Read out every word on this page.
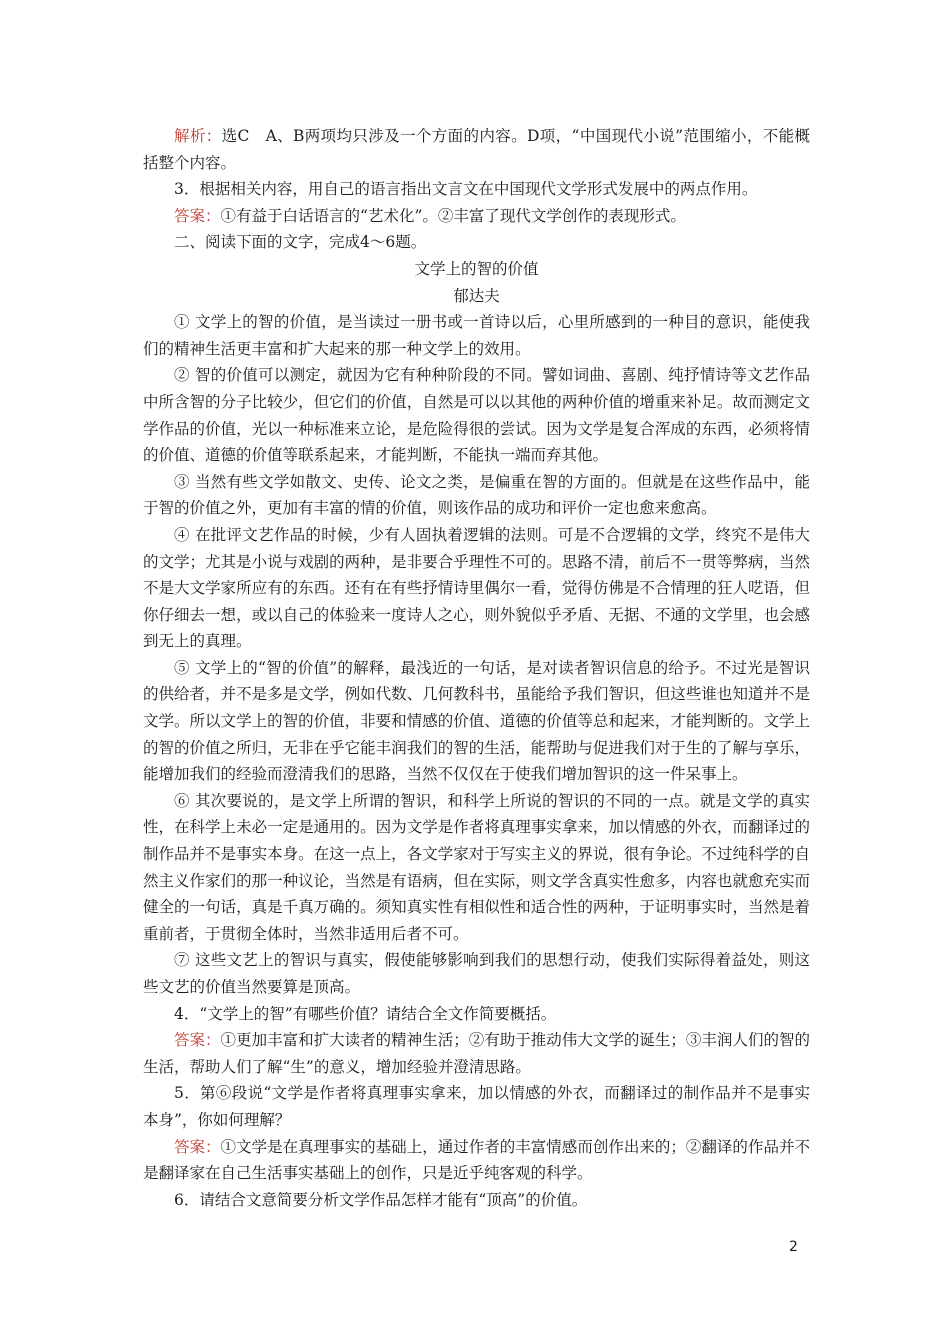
解析：选C　A、B两项均只涉及一个方面的内容。D项，“中国现代小说”范围缩小，不能概括整个内容。

3．根据相关内容，用自己的语言指出文言文在中国现代文学形式发展中的两点作用。

答案：①有益于白话语言的“艺术化”。②丰富了现代文学创作的表现形式。

二、阅读下面的文字，完成4～6题。

文学上的智的价值

郁达夫

① 文学上的智的价值，是当读过一册书或一首诗以后，心里所感到的一种目的意识，能使我们的精神生活更丰富和扩大起来的那一种文学上的效用。

② 智的价值可以测定，就因为它有种种阶段的不同。譬如词曲、喜剧、纯抒情诗等文艺作品中所含智的分子比较少，但它们的价值，自然是可以以其他的两种价值的增重来补足。故而测定文学作品的价值，光以一种标准来立论，是危险得很的尝试。因为文学是复合浑成的东西，必须将情的价值、道德的价值等联系起来，才能判断，不能执一端而弃其他。

③ 当然有些文学如散文、史传、论文之类，是偏重在智的方面的。但就是在这些作品中，能于智的价值之外，更加有丰富的情的价值，则该作品的成功和评价一定也愈来愈高。

④ 在批评文艺作品的时候，少有人固执着逻辑的法则。可是不合逻辑的文学，终究不是伟大的文学；尤其是小说与戏剧的两种，是非要合乎理性不可的。思路不清，前后不一贯等弊病，当然不是大文学家所应有的东西。还有在有些抒情诗里偶尔一看，觉得仿佛是不合情理的狂人呓语，但你仔细去一想，或以自己的体验来一度诗人之心，则外貌似乎矛盾、无据、不通的文学里，也会感到无上的真理。

⑤ 文学上的“智的价值”的解释，最浅近的一句话，是对读者智识信息的给予。不过光是智识的供给者，并不是多是文学，例如代数、几何教科书，虽能给予我们智识，但这些谁也知道并不是文学。所以文学上的智的价值，非要和情感的价值、道德的价值等总和起来，才能判断的。文学上的智的价值之所归，无非在乎它能丰润我们的智的生活，能帮助与促进我们对于生的了解与享乐，能增加我们的经验而澄清我们的思路，当然不仅仅在于使我们增加智识的这一件呆事上。

⑥ 其次要说的，是文学上所谓的智识，和科学上所说的智识的不同的一点。就是文学的真实性，在科学上未必一定是通用的。因为文学是作者将真理事实拿来，加以情感的外衣，而翻译过的制作品并不是事实本身。在这一点上，各文学家对于写实主义的界说，很有争论。不过纯科学的自然主义作家们的那一种议论，当然是有语病，但在实际，则文学含真实性愈多，内容也就愈充实而健全的一句话，真是千真万确的。须知真实性有相似性和适合性的两种，于证明事实时，当然是着重前者，于贯彻全体时，当然非适用后者不可。

⑦ 这些文艺上的智识与真实，假使能够影响到我们的思想行动，使我们实际得着益处，则这些文艺的价值当然要算是顶高。

4．“文学上的智”有哪些价值？请结合全文作简要概括。

答案：①更加丰富和扩大读者的精神生活；②有助于推动伟大文学的诞生；③丰润人们的智的生活，帮助人们了解“生”的意义，增加经验并澄清思路。

5．第⑥段说“文学是作者将真理事实拿来，加以情感的外衣，而翻译过的制作品并不是事实本身”，你如何理解？

答案：①文学是在真理事实的基础上，通过作者的丰富情感而创作出来的；②翻译的作品并不是翻译家在自己生活事实基础上的创作，只是近乎纯客观的科学。

6．请结合文意简要分析文学作品怎样才能有“顶高”的价值。

2
